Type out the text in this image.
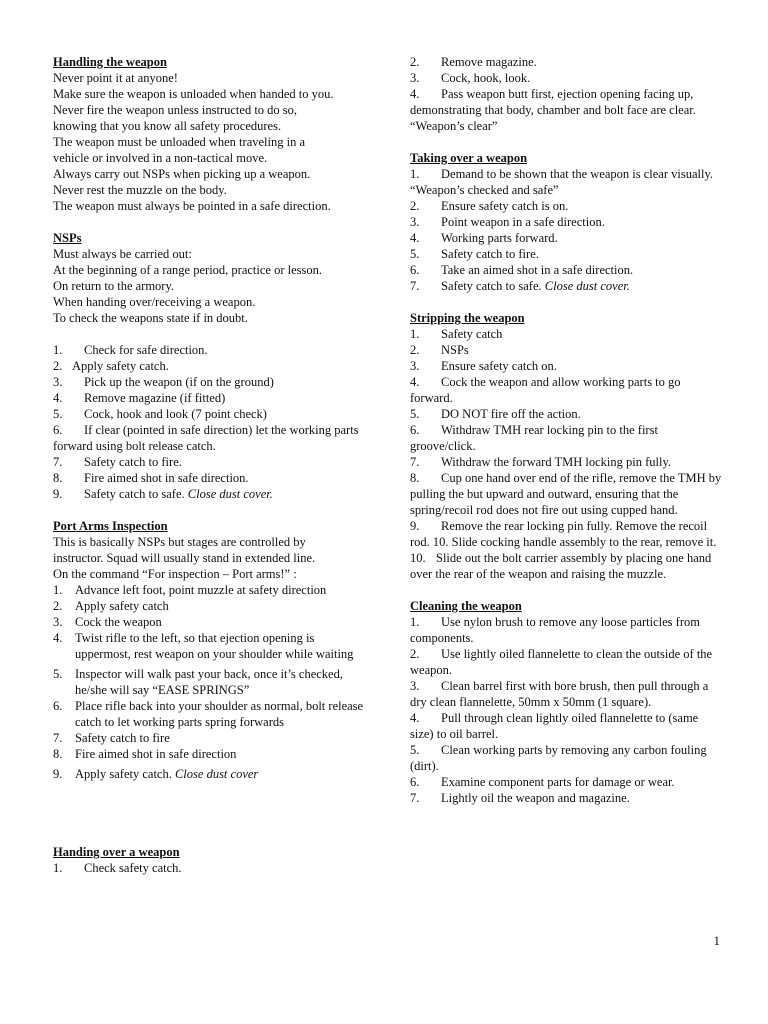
Handling the weapon
Never point it at anyone!
Make sure the weapon is unloaded when handed to you.
Never fire the weapon unless instructed to do so,
knowing that you know all safety procedures.
The weapon must be unloaded when traveling in a
vehicle or involved in a non-tactical move.
Always carry out NSPs when picking up a weapon.
Never rest the muzzle on the body.
The weapon must always be pointed in a safe direction.
NSPs
Must always be carried out:
At the beginning of a range period, practice or lesson.
On return to the armory.
When handing over/receiving a weapon.
To check the weapons state if in doubt.
1.	Check for safe direction.
2. Apply safety catch.
3.	Pick up the weapon (if on the ground)
4.	Remove magazine (if fitted)
5.	Cock, hook and look (7 point check)
6. If clear (pointed in safe direction) let the working parts forward using bolt release catch.
7.	Safety catch to fire.
8.	Fire aimed shot in safe direction.
9.	Safety catch to safe. Close dust cover.
Port Arms Inspection
This is basically NSPs but stages are controlled by
instructor. Squad will usually stand in extended line.
On the command “For inspection – Port arms!” :
1.	Advance left foot, point muzzle at safety direction
2.	Apply safety catch
3.	Cock the weapon
4.	Twist rifle to the left, so that ejection opening is uppermost, rest weapon on your shoulder while waiting
5.	Inspector will walk past your back, once it’s checked, he/she will say “EASE SPRINGS”
6.	Place rifle back into your shoulder as normal, bolt release catch to let working parts spring forwards
7.	Safety catch to fire
8.	Fire aimed shot in safe direction
9.	Apply safety catch. Close dust cover
Handing over a weapon
1.	Check safety catch.
2.	Remove magazine.
3.	Cock, hook, look.
4. Pass weapon butt first, ejection opening facing up, demonstrating that body, chamber and bolt face are clear.
“Weapon’s clear”
Taking over a weapon
1. Demand to be shown that the weapon is clear visually.
“Weapon’s checked and safe”
2.	Ensure safety catch is on.
3.	Point weapon in a safe direction.
4.	Working parts forward.
5.	Safety catch to fire.
6.	Take an aimed shot in a safe direction.
7.	Safety catch to safe. Close dust cover.
Stripping the weapon
1.	Safety catch
2.	NSPs
3.	Ensure safety catch on.
4. Cock the weapon and allow working parts to go forward.
5.	DO NOT fire off the action.
6. Withdraw TMH rear locking pin to the first groove/click.
7.	Withdraw the forward TMH locking pin fully.
8. Cup one hand over end of the rifle, remove the TMH by pulling the but upward and outward, ensuring that the spring/recoil rod does not fire out using cupped hand.
9. Remove the rear locking pin fully. Remove the recoil rod. 10. Slide cocking handle assembly to the rear, remove it.
10. Slide out the bolt carrier assembly by placing one hand over the rear of the weapon and raising the muzzle.
Cleaning the weapon
1. Use nylon brush to remove any loose particles from components.
2. Use lightly oiled flannelette to clean the outside of the weapon.
3. Clean barrel first with bore brush, then pull through a dry clean flannelette, 50mm x 50mm (1 square).
4. Pull through clean lightly oiled flannelette to (same size) to oil barrel.
5. Clean working parts by removing any carbon fouling (dirt).
6.	Examine component parts for damage or wear.
7.	Lightly oil the weapon and magazine.
1
